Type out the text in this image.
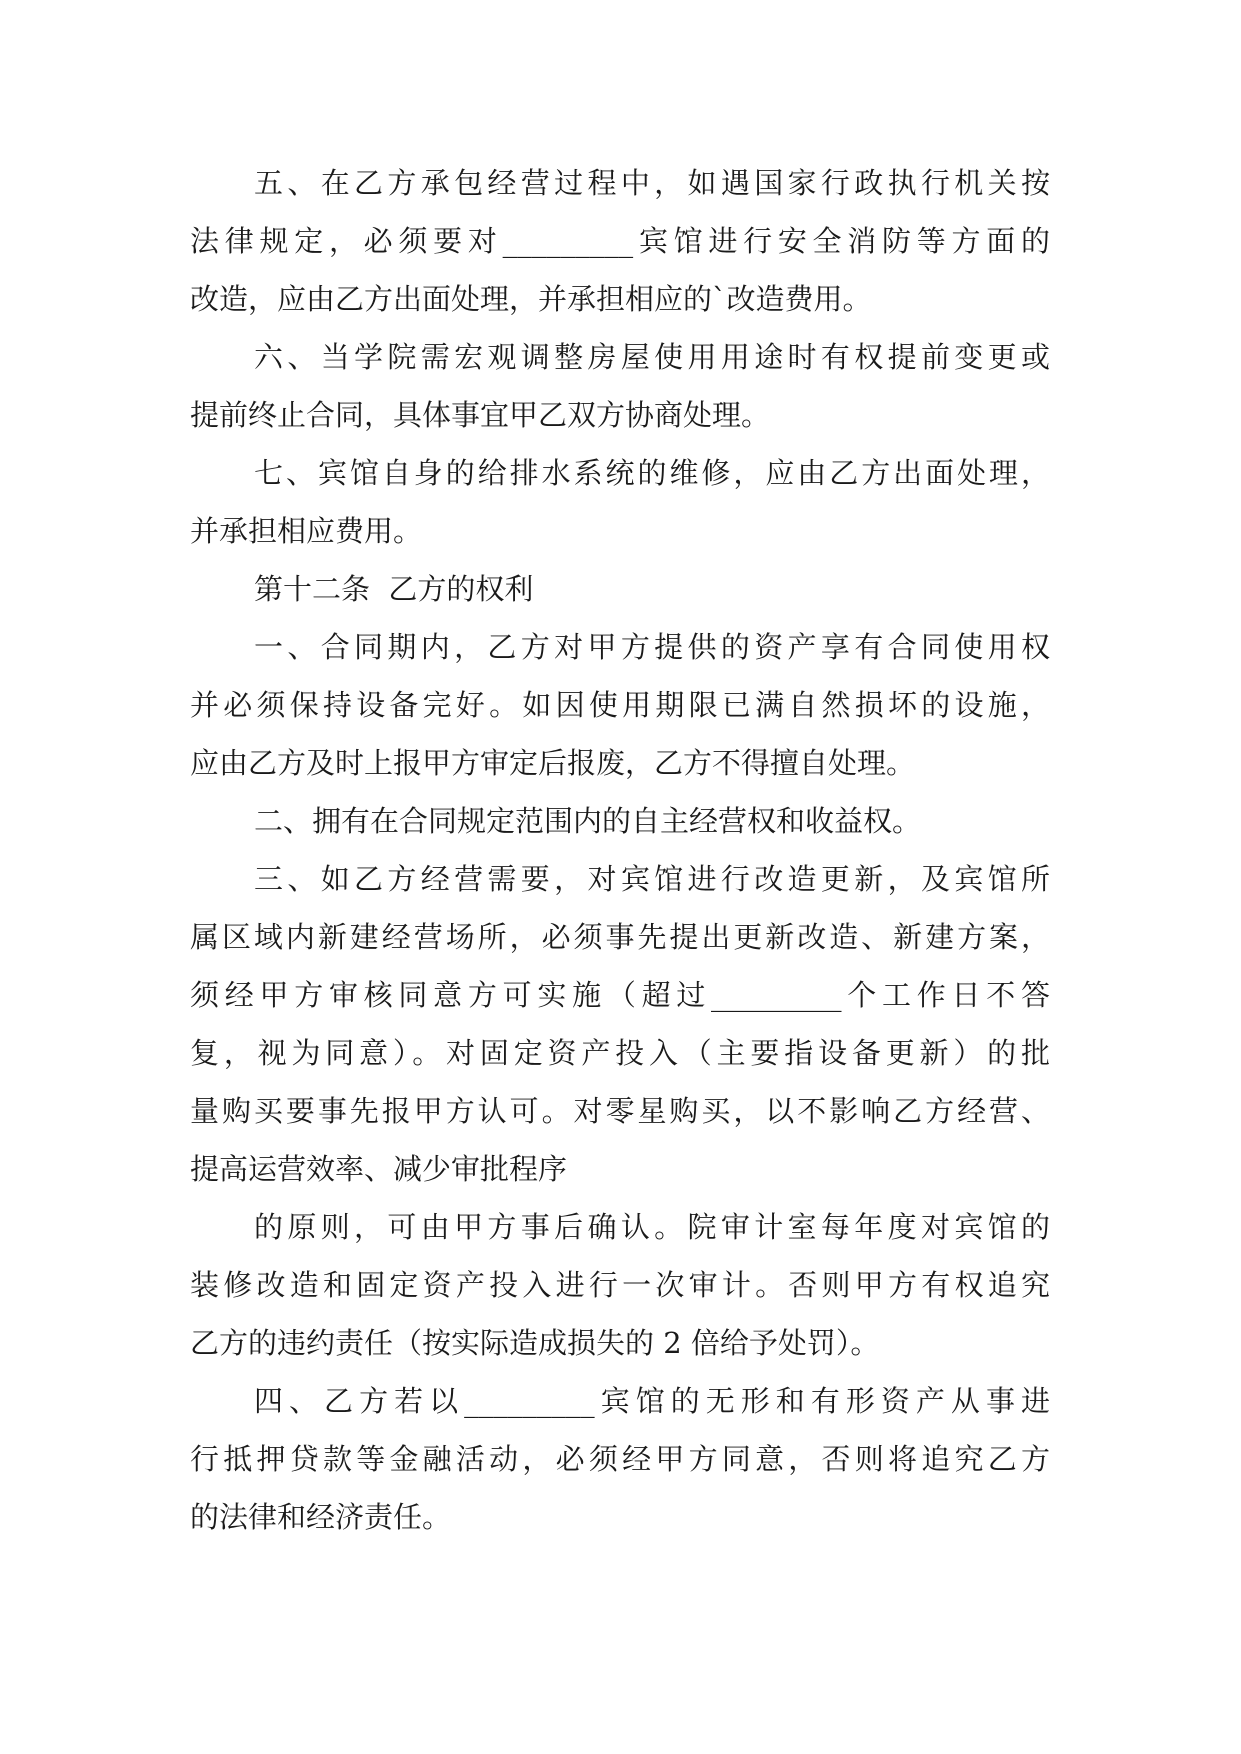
五、在乙方承包经营过程中，如遇国家行政执行机关按
法律规定，必须要对_________宾馆进行安全消防等方面的
改造，应由乙方出面处理，并承担相应的`改造费用。
六、当学院需宏观调整房屋使用用途时有权提前变更或
提前终止合同，具体事宜甲乙双方协商处理。
七、宾馆自身的给排水系统的维修，应由乙方出面处理，
并承担相应费用。
第十二条  乙方的权利
一、合同期内，乙方对甲方提供的资产享有合同使用权
并必须保持设备完好。如因使用期限已满自然损坏的设施，
应由乙方及时上报甲方审定后报废，乙方不得擅自处理。
二、拥有在合同规定范围内的自主经营权和收益权。
三、如乙方经营需要，对宾馆进行改造更新，及宾馆所
属区域内新建经营场所，必须事先提出更新改造、新建方案，
须经甲方审核同意方可实施（超过_________个工作日不答
复，视为同意）。对固定资产投入（主要指设备更新）的批
量购买要事先报甲方认可。对零星购买，以不影响乙方经营、
提高运营效率、减少审批程序
的原则，可由甲方事后确认。院审计室每年度对宾馆的
装修改造和固定资产投入进行一次审计。否则甲方有权追究
乙方的违约责任（按实际造成损失的 2 倍给予处罚）。
四、乙方若以_________宾馆的无形和有形资产从事进
行抵押贷款等金融活动，必须经甲方同意，否则将追究乙方
的法律和经济责任。
